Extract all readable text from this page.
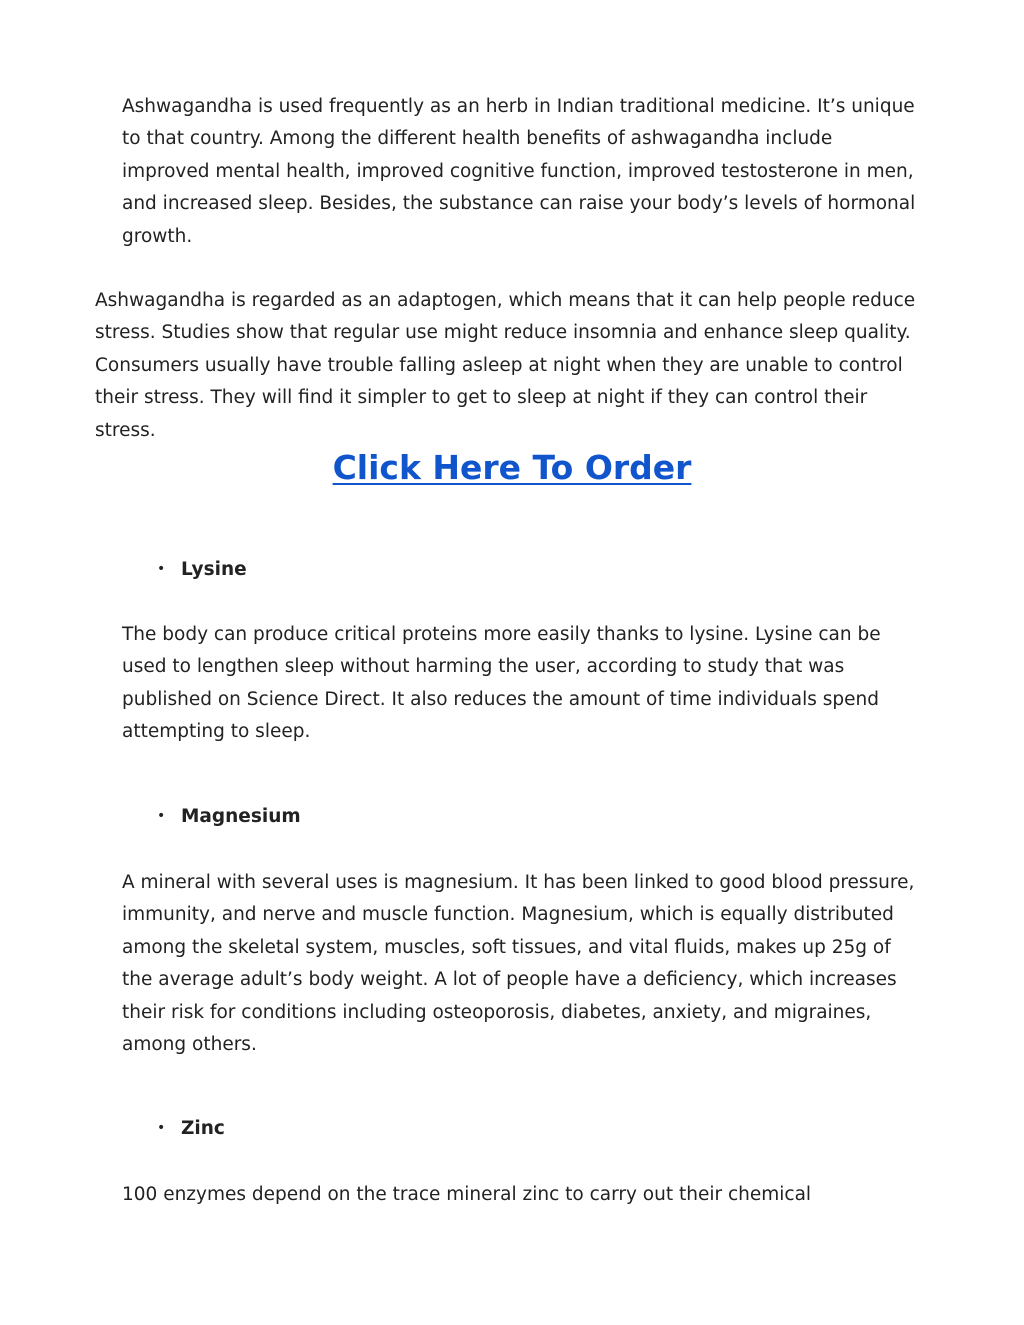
Ashwagandha is used frequently as an herb in Indian traditional medicine. It’s unique to that country. Among the different health benefits of ashwagandha include improved mental health, improved cognitive function, improved testosterone in men, and increased sleep. Besides, the substance can raise your body’s levels of hormonal growth.

Ashwagandha is regarded as an adaptogen, which means that it can help people reduce stress. Studies show that regular use might reduce insomnia and enhance sleep quality. Consumers usually have trouble falling asleep at night when they are unable to control their stress. They will find it simpler to get to sleep at night if they can control their stress.

Click Here To Order

• Lysine

The body can produce critical proteins more easily thanks to lysine. Lysine can be used to lengthen sleep without harming the user, according to study that was published on Science Direct. It also reduces the amount of time individuals spend attempting to sleep.

• Magnesium

A mineral with several uses is magnesium. It has been linked to good blood pressure, immunity, and nerve and muscle function. Magnesium, which is equally distributed among the skeletal system, muscles, soft tissues, and vital fluids, makes up 25g of the average adult’s body weight. A lot of people have a deficiency, which increases their risk for conditions including osteoporosis, diabetes, anxiety, and migraines, among others.

• Zinc

100 enzymes depend on the trace mineral zinc to carry out their chemical
